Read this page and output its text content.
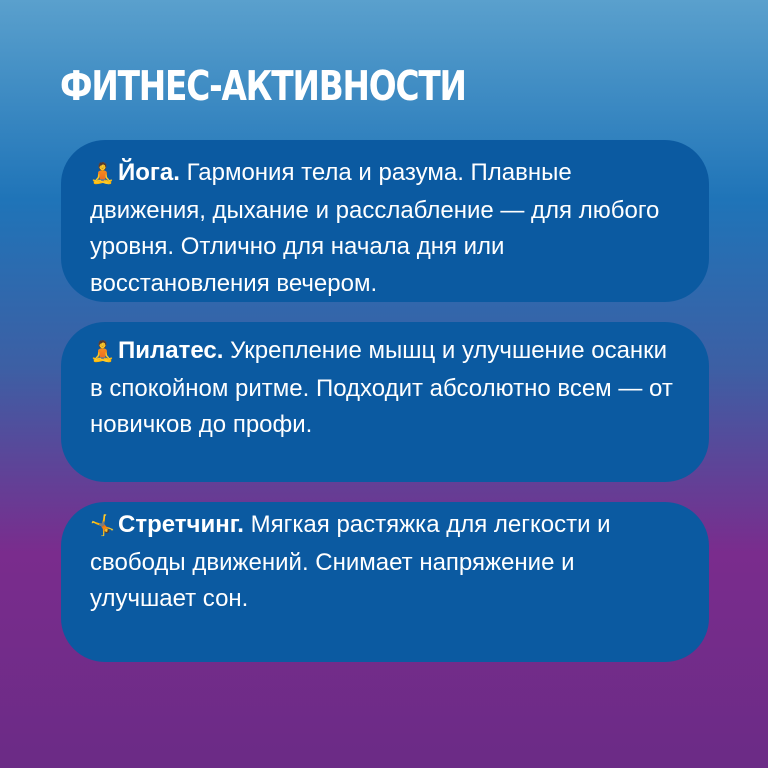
ФИТНЕС-АКТИВНОСТИ
🧘 Йога. Гармония тела и разума. Плавные движения, дыхание и расслабление — для любого уровня. Отлично для начала дня или восстановления вечером.
🧘 Пилатес. Укрепление мышц и улучшение осанки в спокойном ритме. Подходит абсолютно всем — от новичков до профи.
🤸 Стретчинг. Мягкая растяжка для легкости и свободы движений. Снимает напряжение и улучшает сон.
